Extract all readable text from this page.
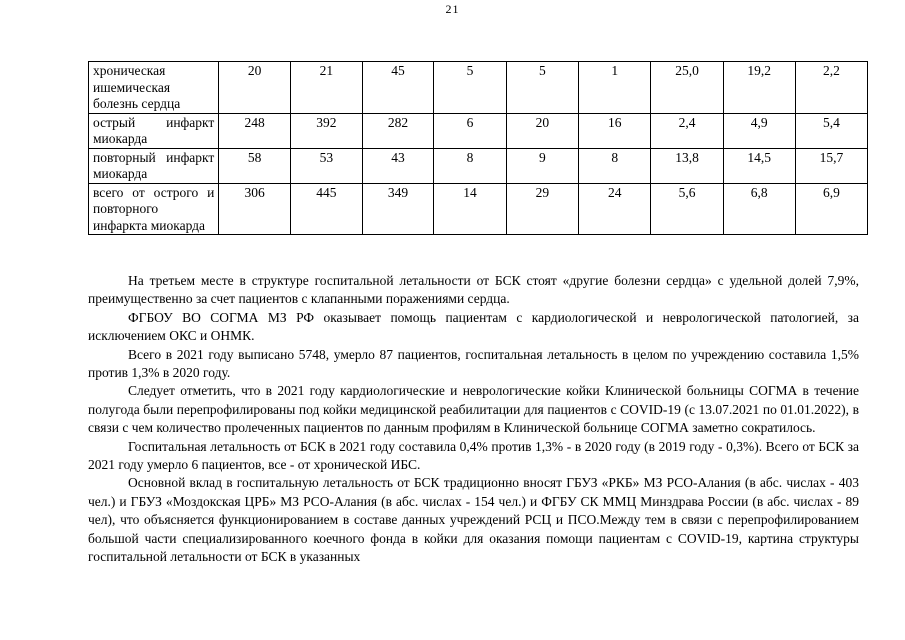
21
хроническая ишемическая болезнь сердца	20	21	45	5	5	1	25,0	19,2	2,2
острый инфаркт миокарда	248	392	282	6	20	16	2,4	4,9	5,4
повторный инфаркт миокарда	58	53	43	8	9	8	13,8	14,5	15,7
всего от острого и повторного инфаркта миокарда	306	445	349	14	29	24	5,6	6,8	6,9

На третьем месте в структуре госпитальной летальности от БСК стоят «другие болезни сердца» с удельной долей 7,9%, преимущественно за счет пациентов с клапанными поражениями сердца.

ФГБОУ ВО СОГМА МЗ РФ оказывает помощь пациентам с кардиологической и неврологической патологией, за исключением ОКС и ОНМК.

Всего в 2021 году выписано 5748, умерло 87 пациентов, госпитальная летальность в целом по учреждению составила 1,5% против 1,3% в 2020 году.

Следует отметить, что в 2021 году кардиологические и неврологические койки Клинической больницы СОГМА в течение полугода были перепрофилированы под койки медицинской реабилитации для пациентов с COVID-19 (с 13.07.2021 по 01.01.2022), в связи с чем количество пролеченных пациентов по данным профилям в Клинической больнице СОГМА заметно сократилось.

Госпитальная летальность от БСК в 2021 году составила 0,4% против 1,3% - в 2020 году (в 2019 году - 0,3%). Всего от БСК за 2021 году умерло 6 пациентов, все - от хронической ИБС.

Основной вклад в госпитальную летальность от БСК традиционно вносят ГБУЗ «РКБ» МЗ РСО-Алания (в абс. числах - 403 чел.) и ГБУЗ «Моздокская ЦРБ» МЗ РСО-Алания (в абс. числах - 154 чел.) и ФГБУ СК ММЦ Минздрава России (в абс. числах - 89 чел), что объясняется функционированием в составе данных учреждений РСЦ и ПСО.Между тем в связи с перепрофилированием большой части специализированного коечного фонда в койки для оказания помощи пациентам с COVID-19, картина структуры госпитальной летальности от БСК в указанных
